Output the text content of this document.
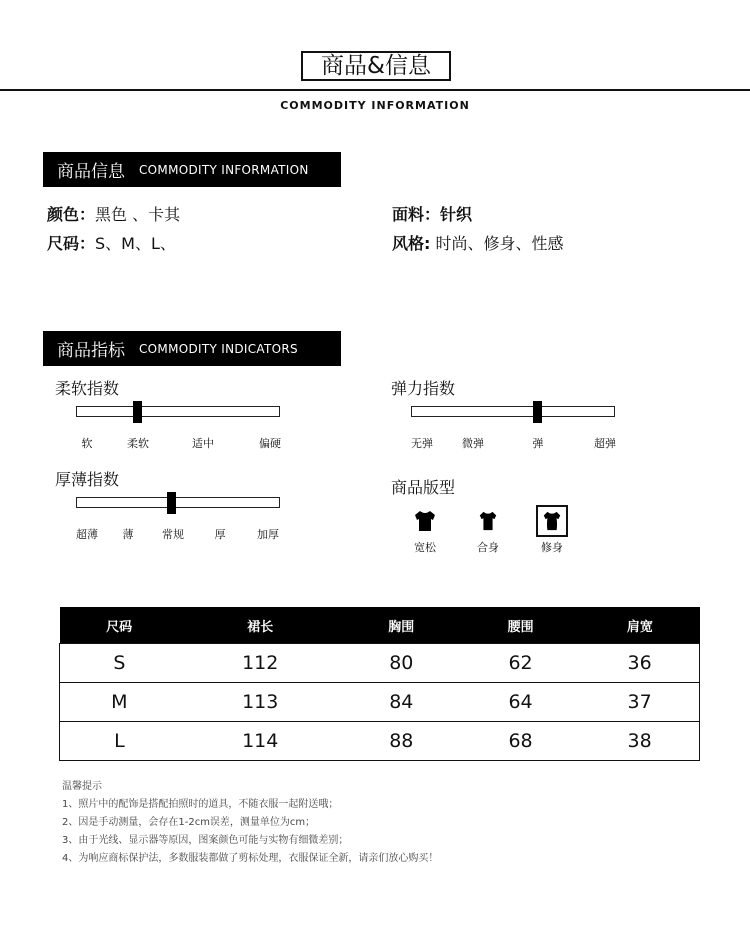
商品&信息
COMMODITY INFORMATION
商品信息 COMMODITY INFORMATION
颜色：黑色 、卡其
尺码：S、M、L、
面料：针织
风格: 时尚、修身、性感
商品指标 COMMODITY INDICATORS
柔软指数
软	柔软	适中	偏硬
弹力指数
无弹	微弹	弹	超弹
厚薄指数
超薄 薄	常规	厚	加厚
商品版型
宽松	合身	修身
尺码	裙长	胸围	腰围	肩宽
S	112	80	62	36
M	113	84	64	37
L	114	88	68	38
温馨提示
1、照片中的配饰是搭配拍照时的道具，不随衣服一起附送哦；
2、因是手动测量，会存在1-2cm误差，测量单位为cm；
3、由于光线、显示器等原因，图案颜色可能与实物有细微差别；
4、为响应商标保护法，多数服装都做了剪标处理，衣服保证全新，请亲们放心购买！
